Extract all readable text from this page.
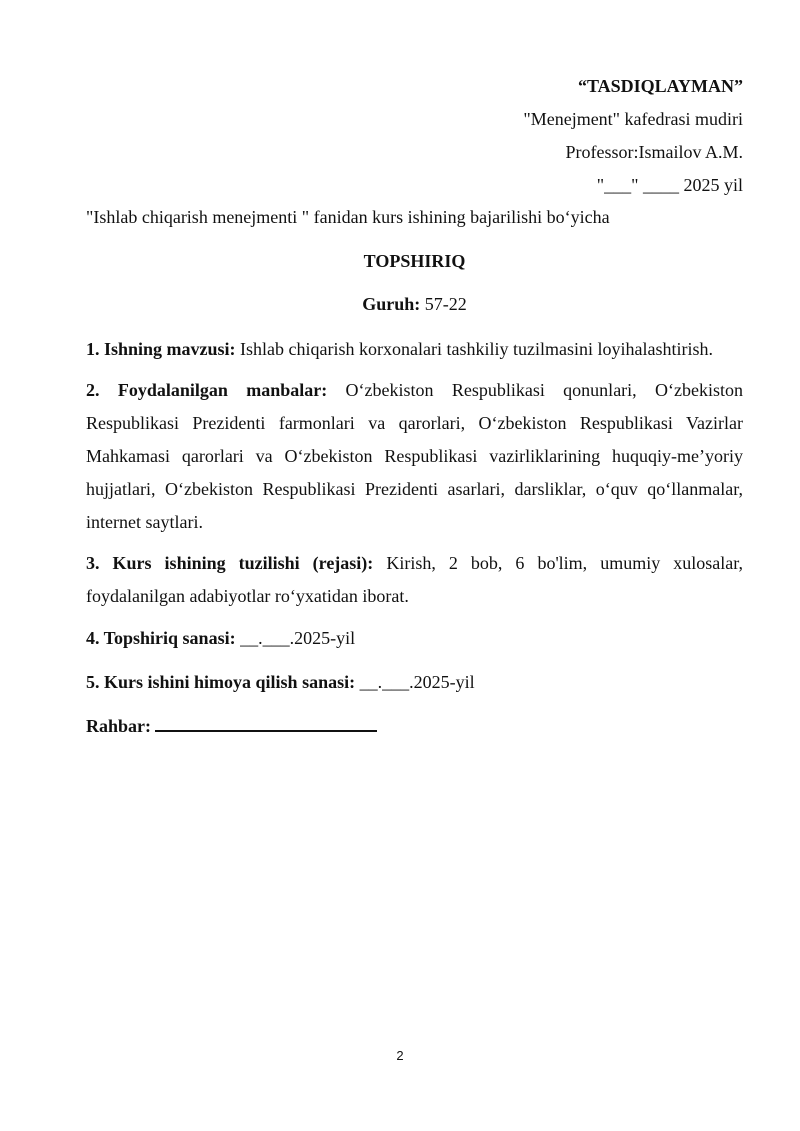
“TASDIQLAYMAN”
"Menejment" kafedrasi mudiri
Professor:Ismailov A.M.
"___" ____ 2025 yil
"Ishlab chiqarish menejmenti " fanidan kurs ishining bajarilishi bo‘yicha
TOPSHIRIQ
Guruh: 57-22
1. Ishning mavzusi: Ishlab chiqarish korxonalari tashkiliy tuzilmasini loyihalashtirish.
2. Foydalanilgan manbalar: O‘zbekiston Respublikasi qonunlari, O‘zbekiston Respublikasi Prezidenti farmonlari va qarorlari, O‘zbekiston Respublikasi Vazirlar Mahkamasi qarorlari va O‘zbekiston Respublikasi vazirliklarining huquqiy-me’yoriy hujjatlari, O‘zbekiston Respublikasi Prezidenti asarlari, darsliklar, o‘quv qo‘llanmalar, internet saytlari.
3. Kurs ishining tuzilishi (rejasi): Kirish, 2 bob, 6 bo'lim, umumiy xulosalar, foydalanilgan adabiyotlar ro‘yxatidan iborat.
4. Topshiriq sanasi: __.___.2025-yil
5. Kurs ishini himoya qilish sanasi: __.___.2025-yil
Rahbar:
2
